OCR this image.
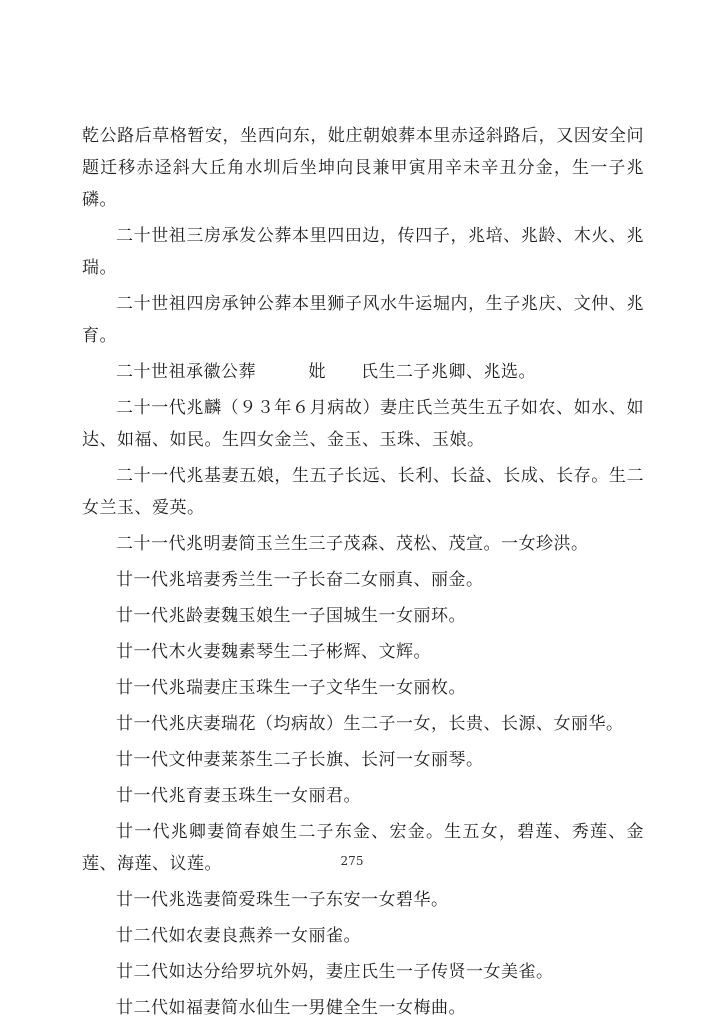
乾公路后草格暂安，坐西向东，妣庄朝娘葬本里赤迳斜路后，又因安全问题迁移赤迳斜大丘角水圳后坐坤向艮兼甲寅用辛未辛丑分金，生一子兆磷。

二十世祖三房承发公葬本里四田边，传四子，兆培、兆龄、木火、兆瑞。

二十世祖四房承钟公葬本里狮子风水牛运堀内，生子兆庆、文仲、兆育。

二十世祖承徽公葬　　　妣　　氏生二子兆卿、兆选。

二十一代兆麟（９３年６月病故）妻庄氏兰英生五子如农、如水、如达、如福、如民。生四女金兰、金玉、玉珠、玉娘。

二十一代兆基妻五娘，生五子长远、长利、长益、长成、长存。生二女兰玉、爱英。

二十一代兆明妻简玉兰生三子茂森、茂松、茂宣。一女珍洪。

廿一代兆培妻秀兰生一子长奋二女丽真、丽金。

廿一代兆龄妻魏玉娘生一子国城生一女丽环。

廿一代木火妻魏素琴生二子彬辉、文辉。

廿一代兆瑞妻庄玉珠生一子文华生一女丽枚。

廿一代兆庆妻瑞花（均病故）生二子一女，长贵、长源、女丽华。

廿一代文仲妻莱茶生二子长旗、长河一女丽琴。

廿一代兆育妻玉珠生一女丽君。

廿一代兆卿妻简春娘生二子东金、宏金。生五女，碧莲、秀莲、金莲、海莲、议莲。

廿一代兆选妻简爱珠生一子东安一女碧华。

廿二代如农妻良燕养一女丽雀。

廿二代如达分给罗坑外妈，妻庄氏生一子传贤一女美雀。

廿二代如福妻简水仙生一男健全生一女梅曲。

275
